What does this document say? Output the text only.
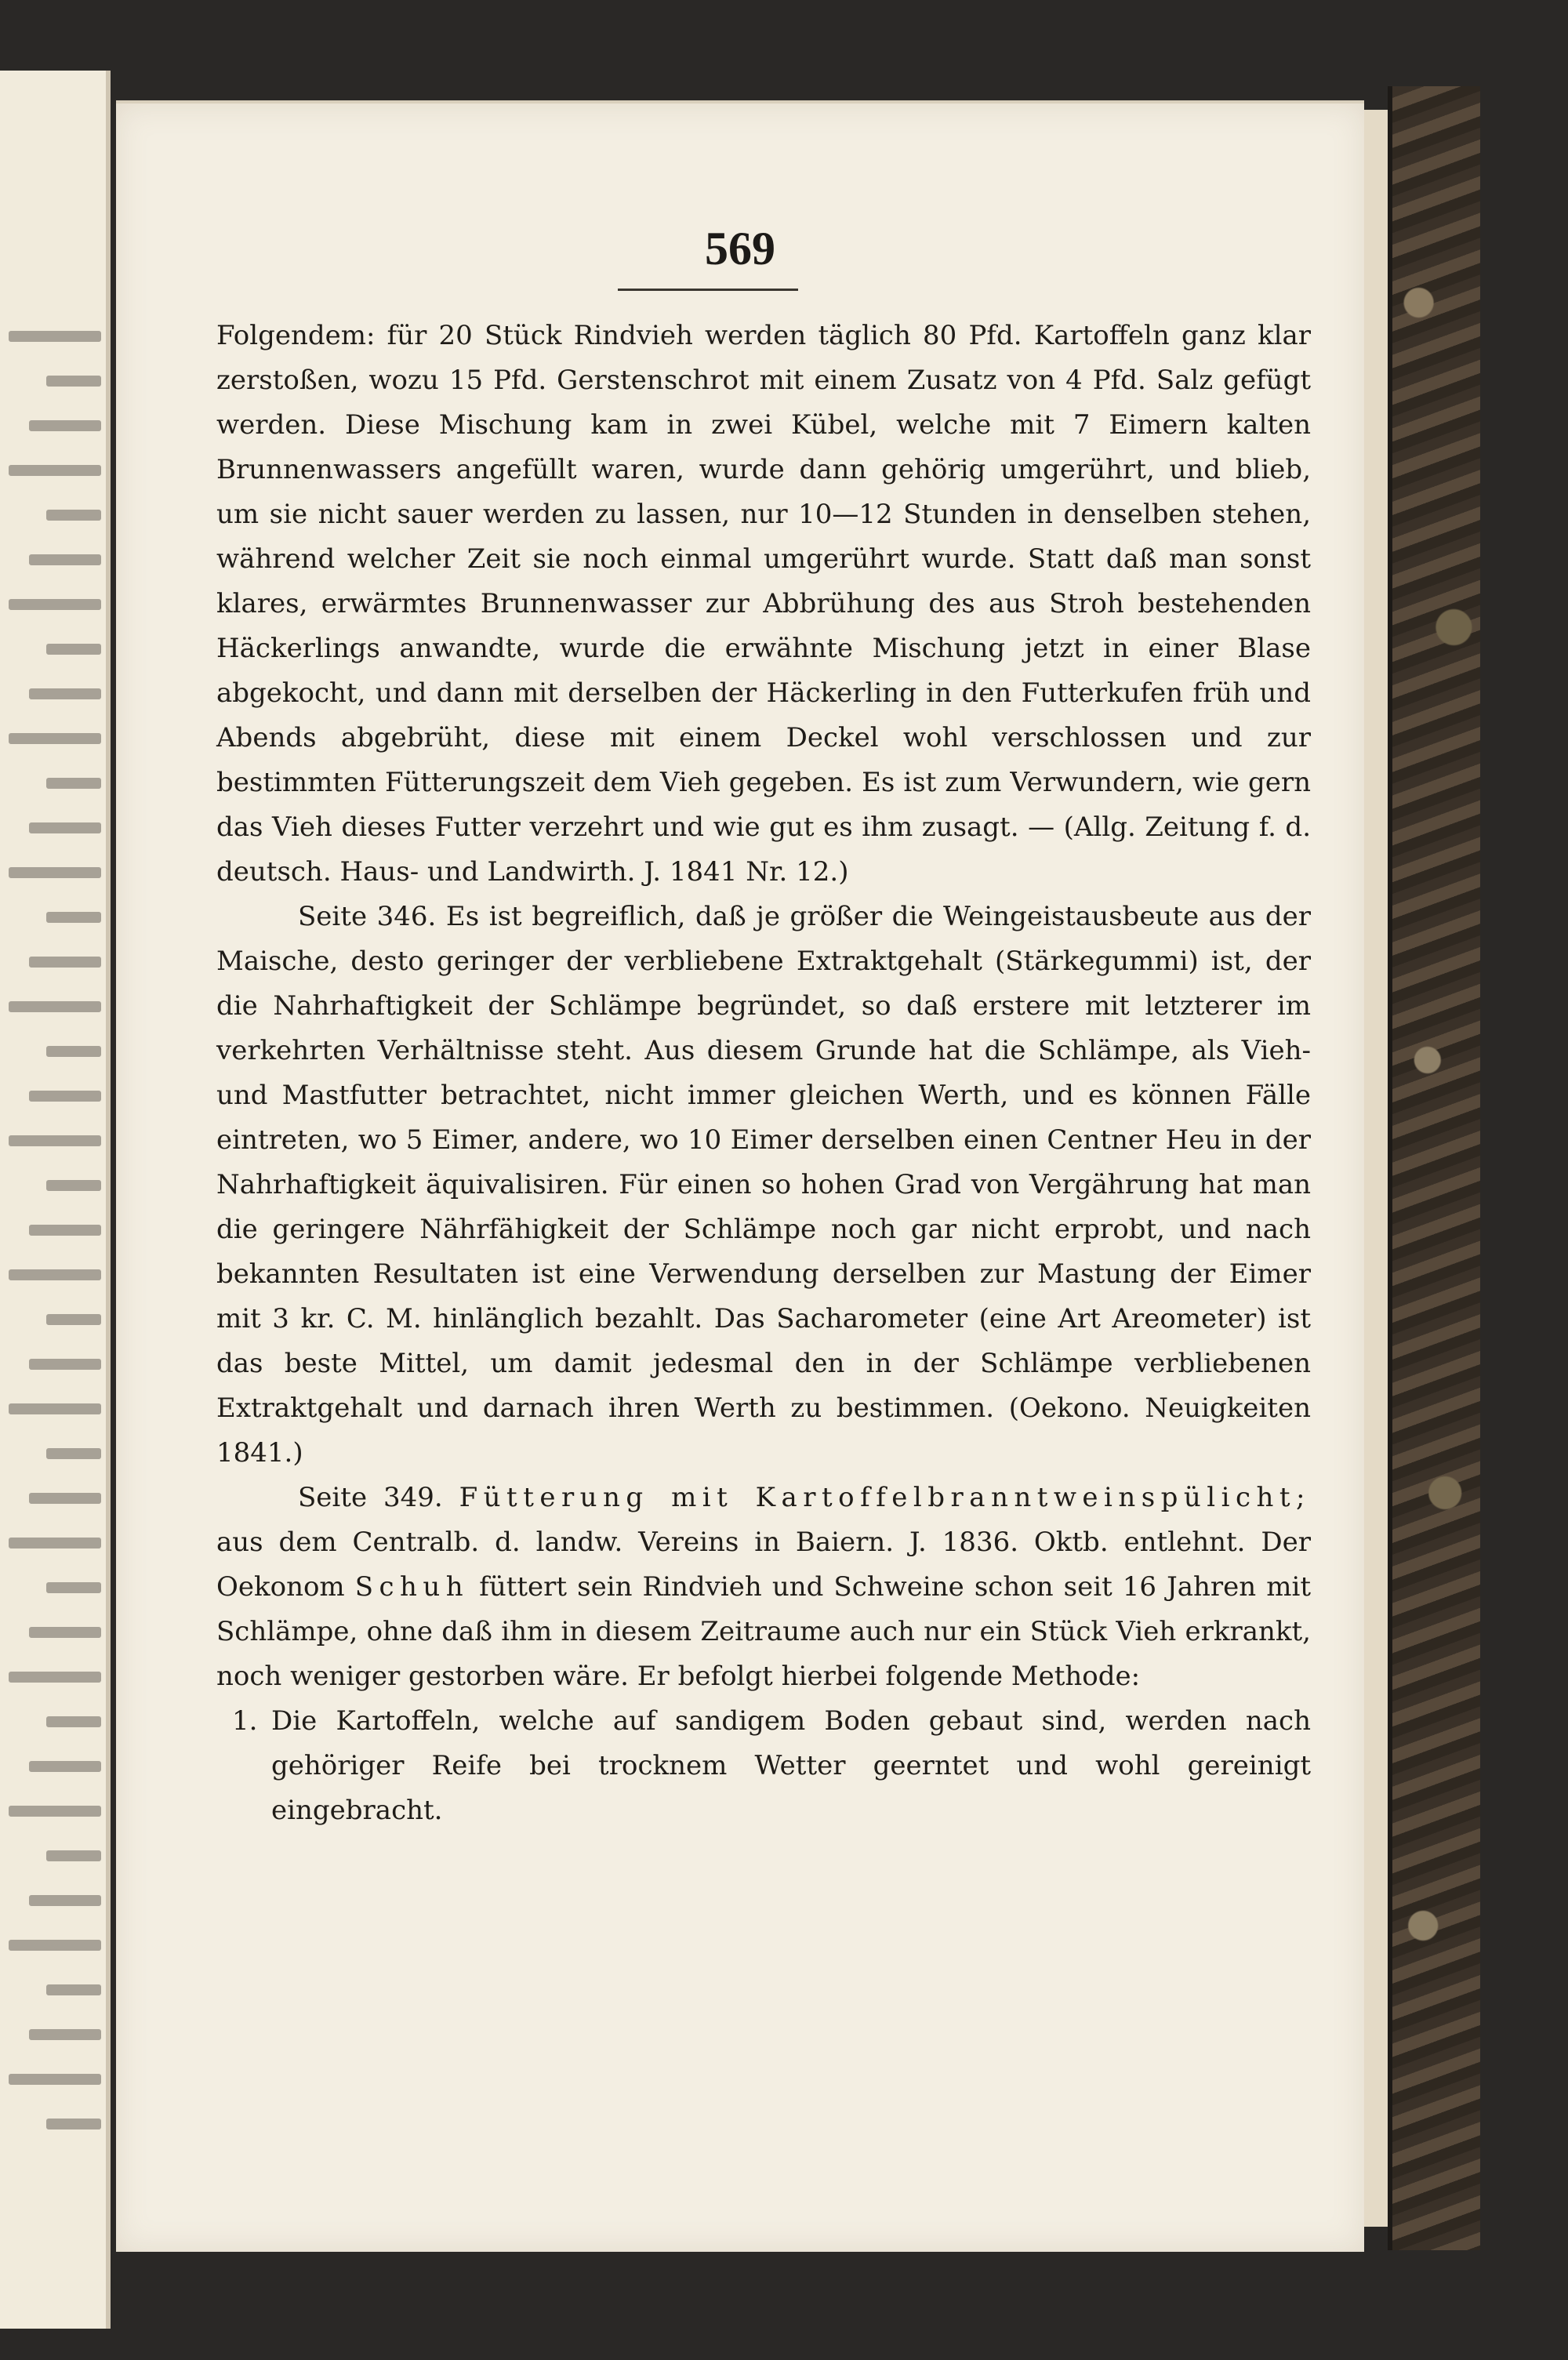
569

Folgendem: für 20 Stück Rindvieh werden täglich 80 Pfd. Kartoffeln ganz klar zerstoßen, wozu 15 Pfd. Gerstenschrot mit einem Zusatz von 4 Pfd. Salz gefügt werden. Diese Mischung kam in zwei Kübel, welche mit 7 Eimern kalten Brunnenwassers angefüllt waren, wurde dann gehörig umgerührt, und blieb, um sie nicht sauer werden zu lassen, nur 10—12 Stunden in denselben stehen, während welcher Zeit sie noch einmal umgerührt wurde. Statt daß man sonst klares, erwärmtes Brunnenwasser zur Abbrühung des aus Stroh bestehenden Häckerlings anwandte, wurde die erwähnte Mischung jetzt in einer Blase abgekocht, und dann mit derselben der Häckerling in den Futterkufen früh und Abends abgebrüht, diese mit einem Deckel wohl verschlossen und zur bestimmten Fütterungszeit dem Vieh gegeben. Es ist zum Verwundern, wie gern das Vieh dieses Futter verzehrt und wie gut es ihm zusagt. — (Allg. Zeitung f. d. deutsch. Haus- und Landwirth. J. 1841 Nr. 12.)

Seite 346. Es ist begreiflich, daß je größer die Weingeistausbeute aus der Maische, desto geringer der verbliebene Extraktgehalt (Stärkegummi) ist, der die Nahrhaftigkeit der Schlämpe begründet, so daß erstere mit letzterer im verkehrten Verhältnisse steht. Aus diesem Grunde hat die Schlämpe, als Vieh- und Mastfutter betrachtet, nicht immer gleichen Werth, und es können Fälle eintreten, wo 5 Eimer, andere, wo 10 Eimer derselben einen Centner Heu in der Nahrhaftigkeit äquivalisiren. Für einen so hohen Grad von Vergährung hat man die geringere Nährfähigkeit der Schlämpe noch gar nicht erprobt, und nach bekannten Resultaten ist eine Verwendung derselben zur Mastung der Eimer mit 3 kr. C. M. hinlänglich bezahlt. Das Sacharometer (eine Art Areometer) ist das beste Mittel, um damit jedesmal den in der Schlämpe verbliebenen Extraktgehalt und darnach ihren Werth zu bestimmen. (Oekono. Neuigkeiten 1841.)

Seite 349. Fütterung mit Kartoffelbranntweinspülicht; aus dem Centralb. d. landw. Vereins in Baiern. J. 1836. Oktb. entlehnt. Der Oekonom Schuh füttert sein Rindvieh und Schweine schon seit 16 Jahren mit Schlämpe, ohne daß ihm in diesem Zeitraume auch nur ein Stück Vieh erkrankt, noch weniger gestorben wäre. Er befolgt hierbei folgende Methode:

1. Die Kartoffeln, welche auf sandigem Boden gebaut sind, werden nach gehöriger Reife bei trocknem Wetter geerntet und wohl gereinigt eingebracht.
